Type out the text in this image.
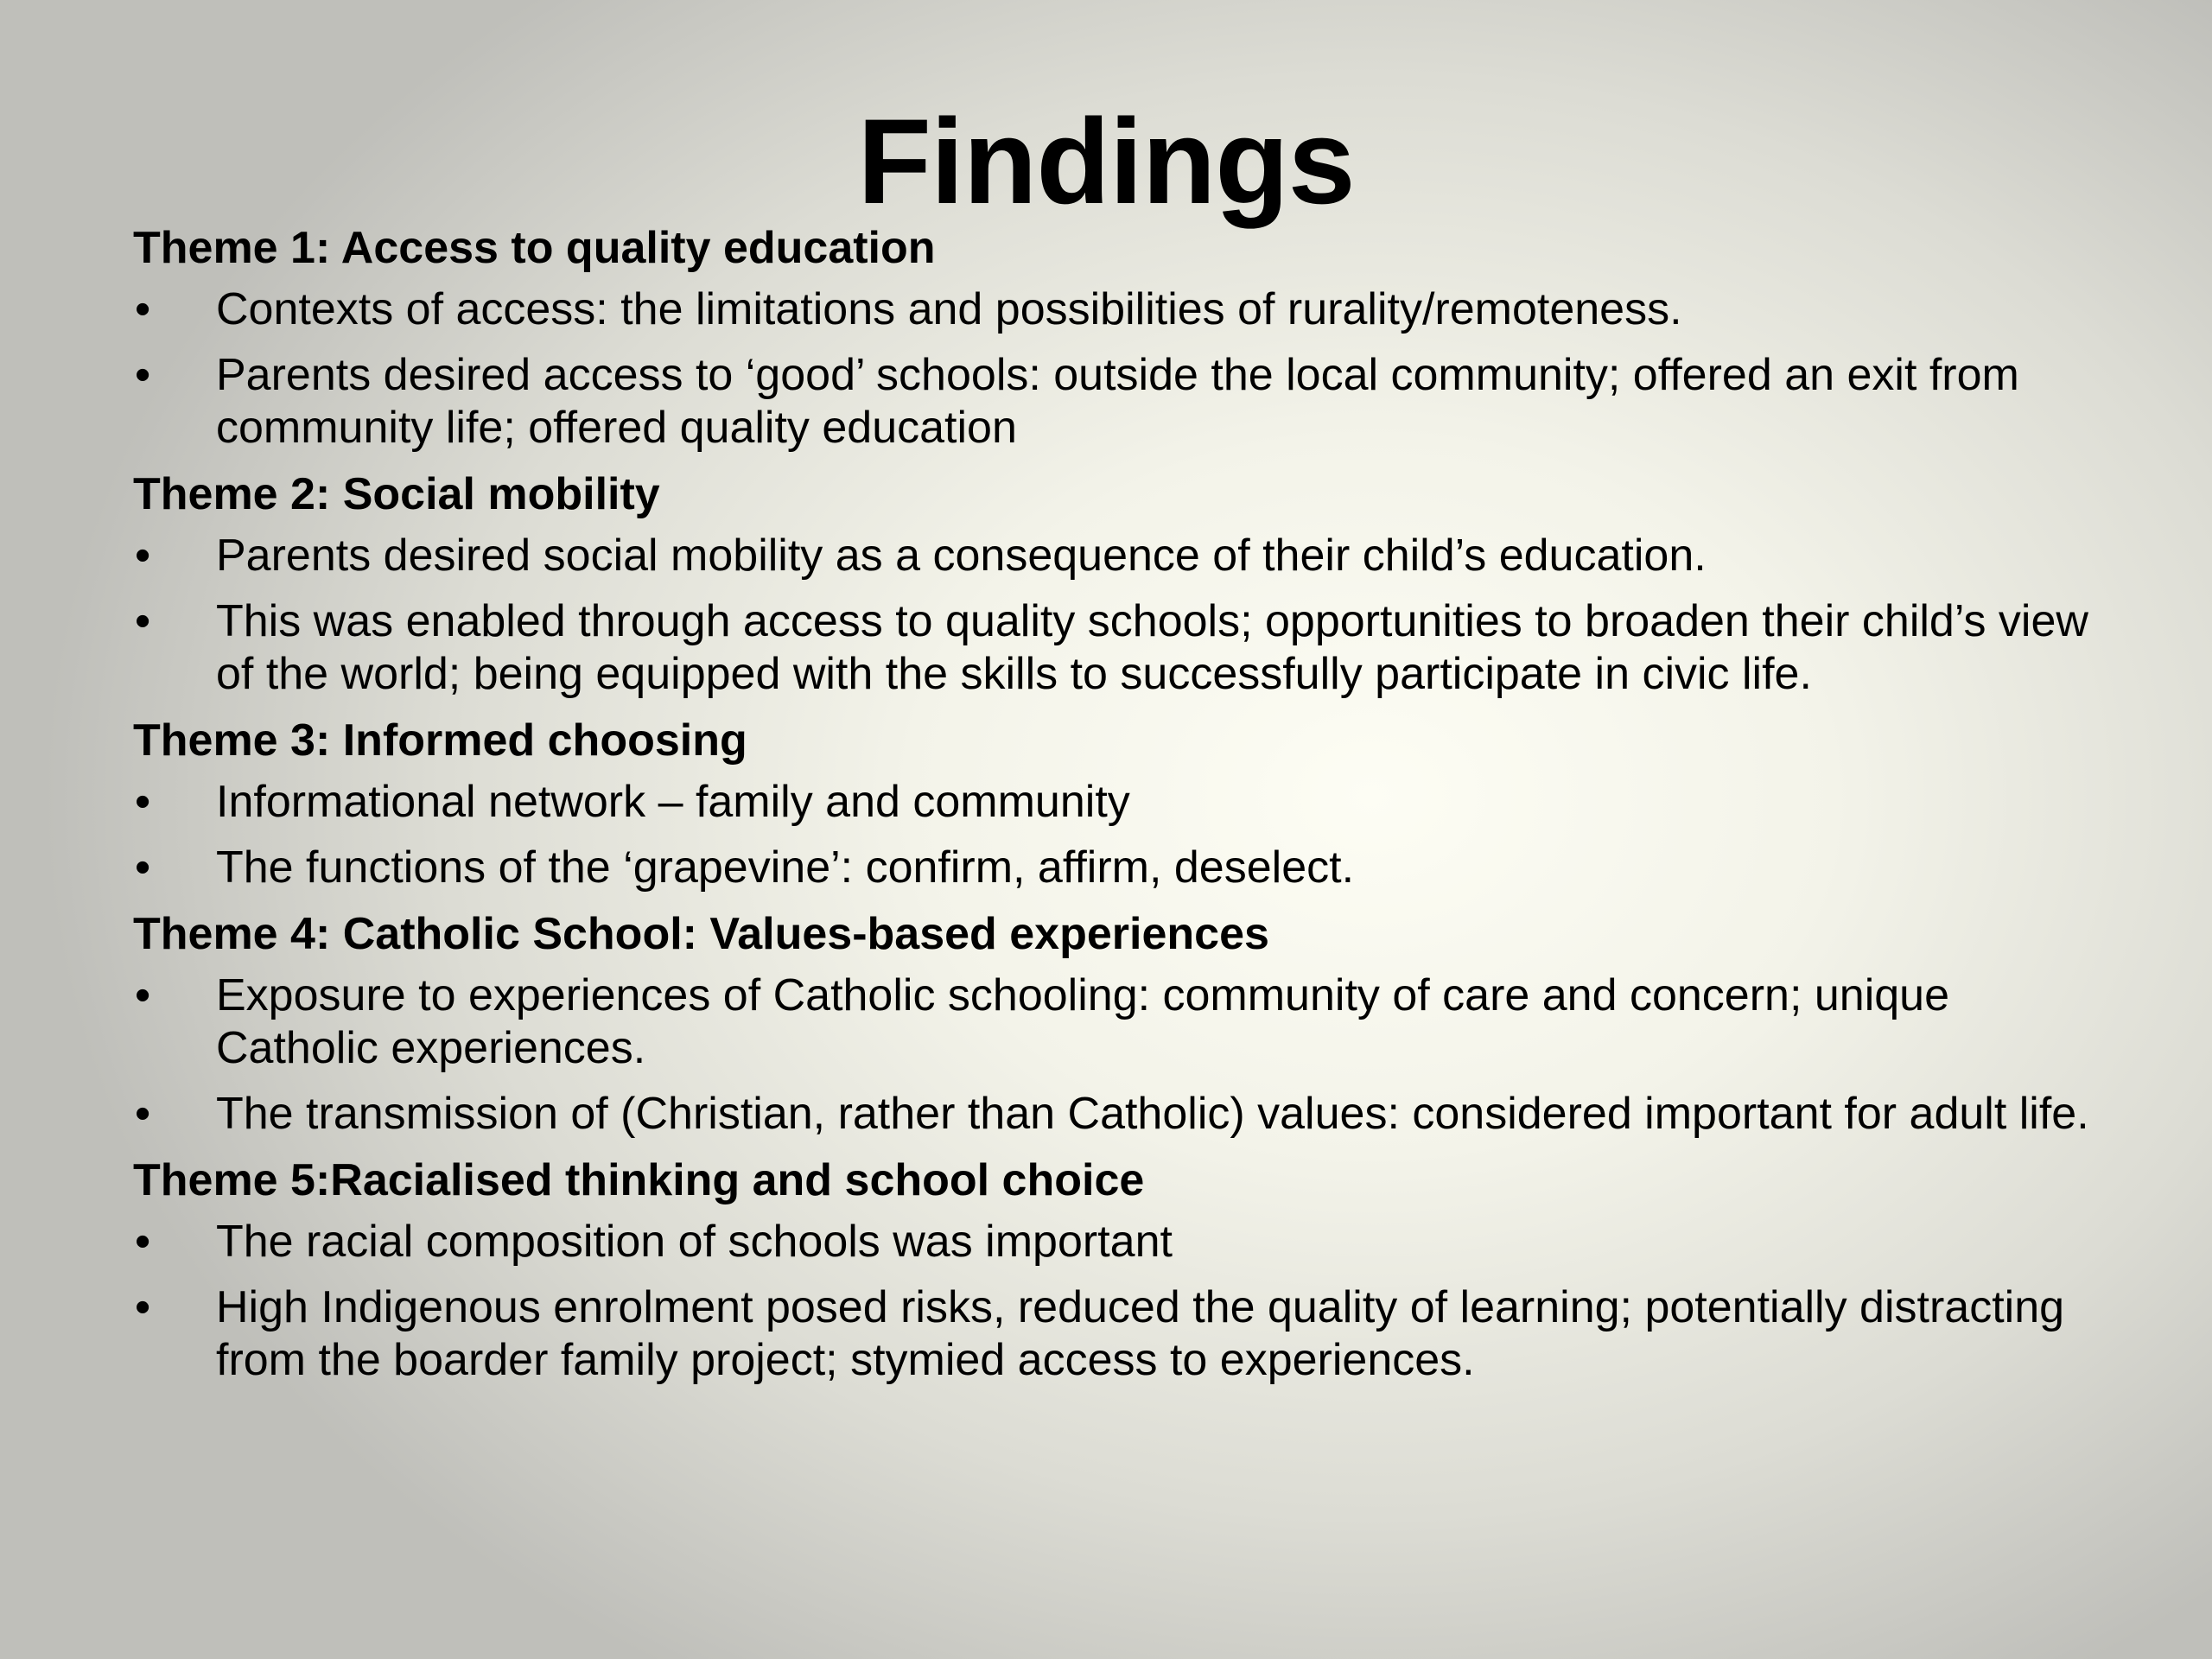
Findings
Theme 1: Access to quality education
•	Contexts of access: the limitations and possibilities of rurality/remoteness.
•	Parents desired access to ‘good’ schools: outside the local community; offered an exit from community life; offered quality education
Theme 2: Social mobility
•	Parents desired social mobility as a consequence of their child’s education.
•	This was enabled through access to quality schools; opportunities to broaden their child’s view of the world; being equipped with the skills to successfully participate in civic life.
Theme 3: Informed choosing
•	Informational network – family and community
•	The functions of the ‘grapevine’: confirm, affirm, deselect.
Theme 4: Catholic School: Values-based experiences
•	Exposure to experiences of Catholic schooling: community of care and concern; unique Catholic experiences.
•	The transmission of (Christian, rather than Catholic) values: considered important for adult life.
Theme 5:Racialised thinking and school choice
•	The racial composition of schools was important
•	High Indigenous enrolment posed risks, reduced the quality of learning; potentially distracting from the boarder family project; stymied access to experiences.
